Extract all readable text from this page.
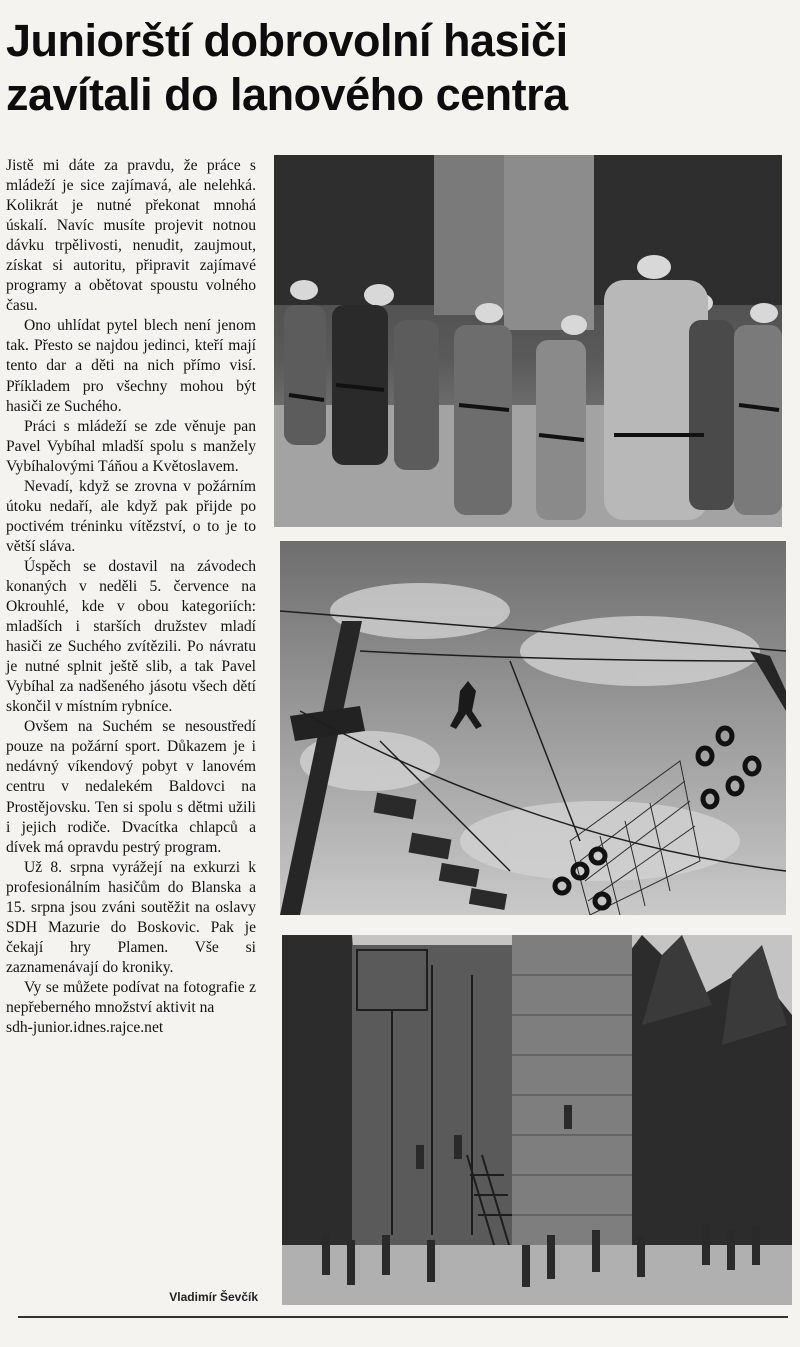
Juniorští dobrovolní hasiči
zavítali do lanového centra

Jistě mi dáte za pravdu, že práce s mládeží je sice zajímavá, ale nelehká. Kolikrát je nutné překonat mnohá úskalí. Navíc musíte projevit notnou dávku trpělivosti, nenudit, zaujmout, získat si autoritu, připravit zajímavé programy a obětovat spoustu volného času.

Ono uhlídat pytel blech není jenom tak. Přesto se najdou jedinci, kteří mají tento dar a děti na nich přímo visí. Příkladem pro všechny mohou být hasiči ze Suchého.

Práci s mládeží se zde věnuje pan Pavel Vybíhal mladší spolu s manžely Vybíhalovými Táňou a Květoslavem.

Nevadí, když se zrovna v požárním útoku nedaří, ale když pak přijde po poctivém tréninku vítězství, o to je to větší sláva.

Úspěch se dostavil na závodech konaných v neděli 5. července na Okrouhlé, kde v obou kategoriích: mladších i starších družstev mladí hasiči ze Suchého zvítězili. Po návratu je nutné splnit ještě slib, a tak Pavel Vybíhal za nadšeného jásotu všech dětí skončil v místním rybníce.

Ovšem na Suchém se nesoustředí pouze na požární sport. Důkazem je i nedávný víkendový pobyt v lanovém centru v nedalekém Baldovci na Prostějovsku. Ten si spolu s dětmi užili i jejich rodiče. Dvacítka chlapců a dívek má opravdu pestrý program.

Už 8. srpna vyrážejí na exkurzi k profesionálním hasičům do Blanska a 15. srpna jsou zváni soutěžit na oslavy SDH Mazurie do Boskovic. Pak je čekají hry Plamen. Vše si zaznamenávají do kroniky.

Vy se můžete podívat na fotografie z nepřeberného množství aktivit na

sdh-junior.idnes.rajce.net

Vladimír Ševčík
